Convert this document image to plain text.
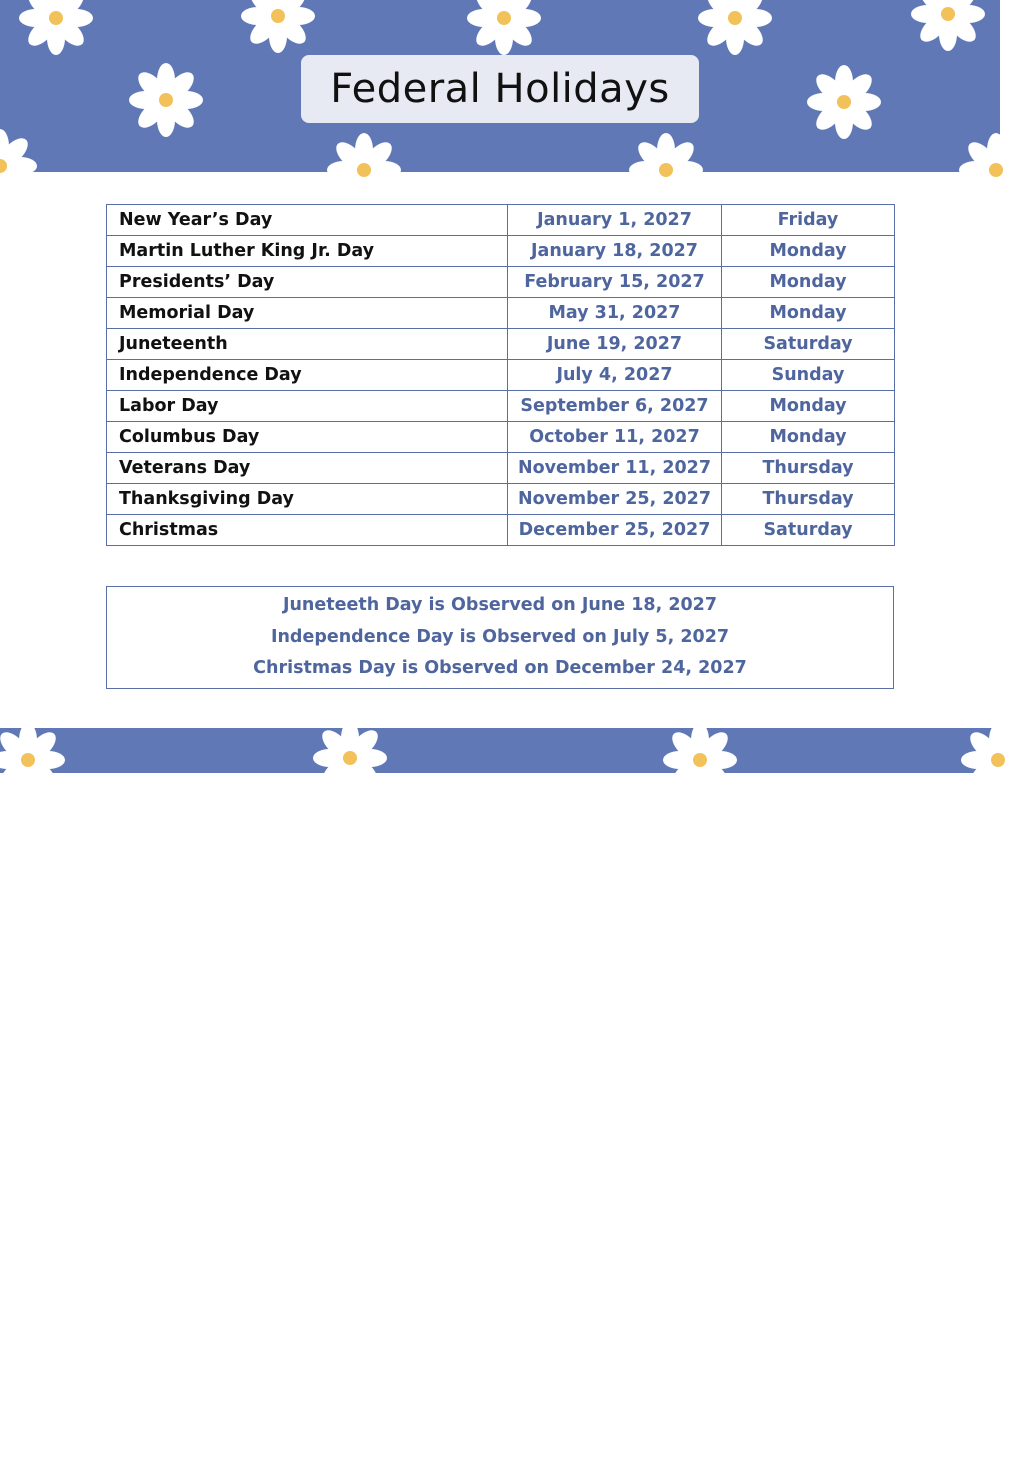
Federal Holidays
New Year’s Day	January 1, 2027	Friday
Martin Luther King Jr. Day	January 18, 2027	Monday
Presidents’ Day	February 15, 2027	Monday
Memorial Day	May 31, 2027	Monday
Juneteenth	June 19, 2027	Saturday
Independence Day	July 4, 2027	Sunday
Labor Day	September 6, 2027	Monday
Columbus Day	October 11, 2027	Monday
Veterans Day	November 11, 2027	Thursday
Thanksgiving Day	November 25, 2027	Thursday
Christmas	December 25, 2027	Saturday
Juneteeth Day is Observed on June 18, 2027
Independence Day is Observed on July 5, 2027
Christmas Day is Observed on December 24, 2027
Firstprintable.com
